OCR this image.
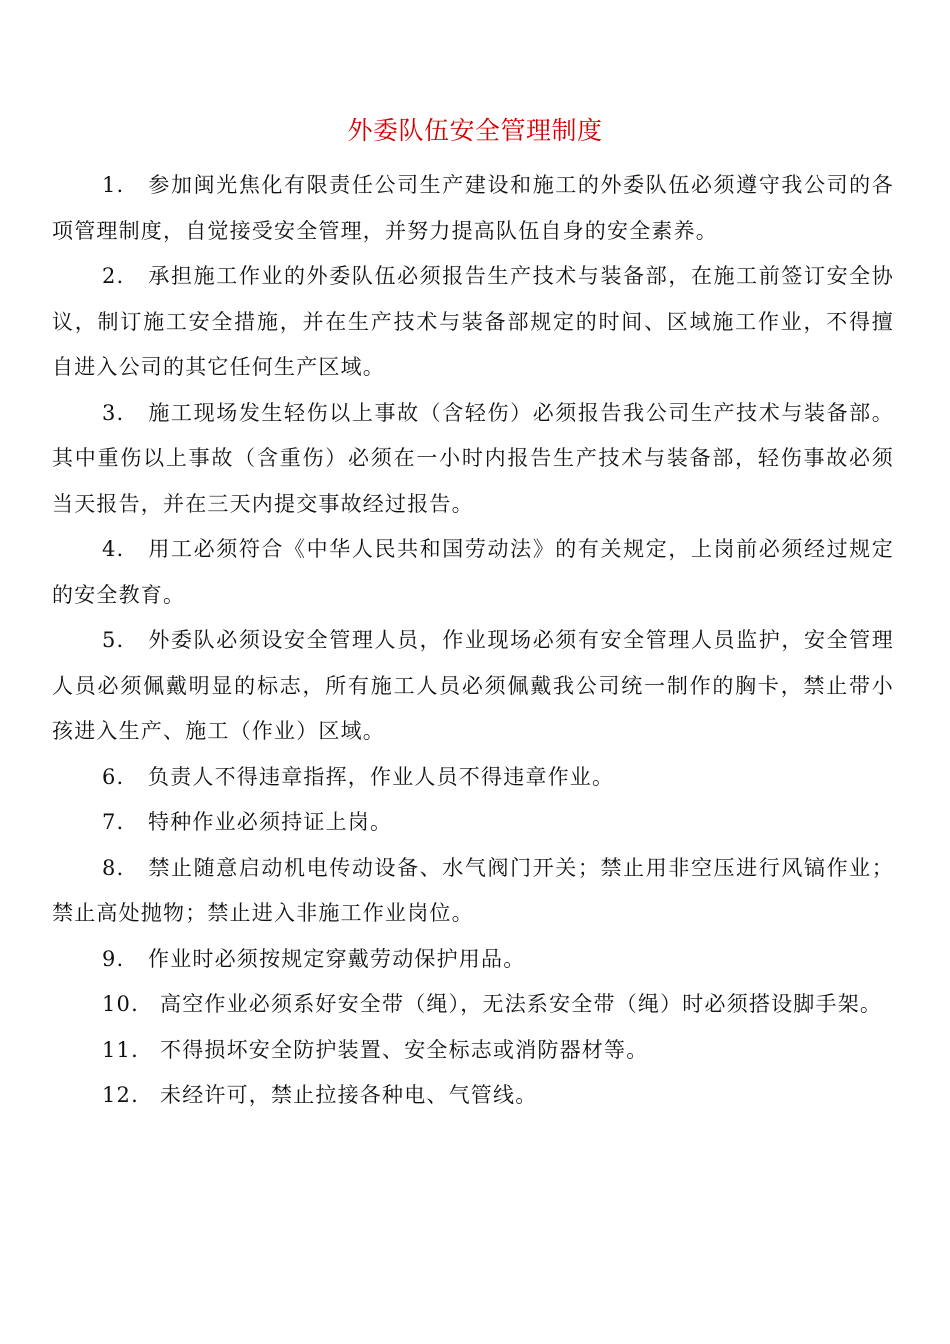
外委队伍安全管理制度

1. 参加闽光焦化有限责任公司生产建设和施工的外委队伍必须遵守我公司的各项管理制度，自觉接受安全管理，并努力提高队伍自身的安全素养。

2. 承担施工作业的外委队伍必须报告生产技术与装备部，在施工前签订安全协议，制订施工安全措施，并在生产技术与装备部规定的时间、区域施工作业，不得擅自进入公司的其它任何生产区域。

3. 施工现场发生轻伤以上事故（含轻伤）必须报告我公司生产技术与装备部。其中重伤以上事故（含重伤）必须在一小时内报告生产技术与装备部，轻伤事故必须当天报告，并在三天内提交事故经过报告。

4. 用工必须符合《中华人民共和国劳动法》的有关规定，上岗前必须经过规定的安全教育。

5. 外委队必须设安全管理人员，作业现场必须有安全管理人员监护，安全管理人员必须佩戴明显的标志，所有施工人员必须佩戴我公司统一制作的胸卡，禁止带小孩进入生产、施工（作业）区域。

6. 负责人不得违章指挥，作业人员不得违章作业。

7. 特种作业必须持证上岗。

8. 禁止随意启动机电传动设备、水气阀门开关；禁止用非空压进行风镐作业；禁止高处抛物；禁止进入非施工作业岗位。

9. 作业时必须按规定穿戴劳动保护用品。

10. 高空作业必须系好安全带（绳），无法系安全带（绳）时必须搭设脚手架。

11. 不得损坏安全防护装置、安全标志或消防器材等。

12. 未经许可，禁止拉接各种电、气管线。
